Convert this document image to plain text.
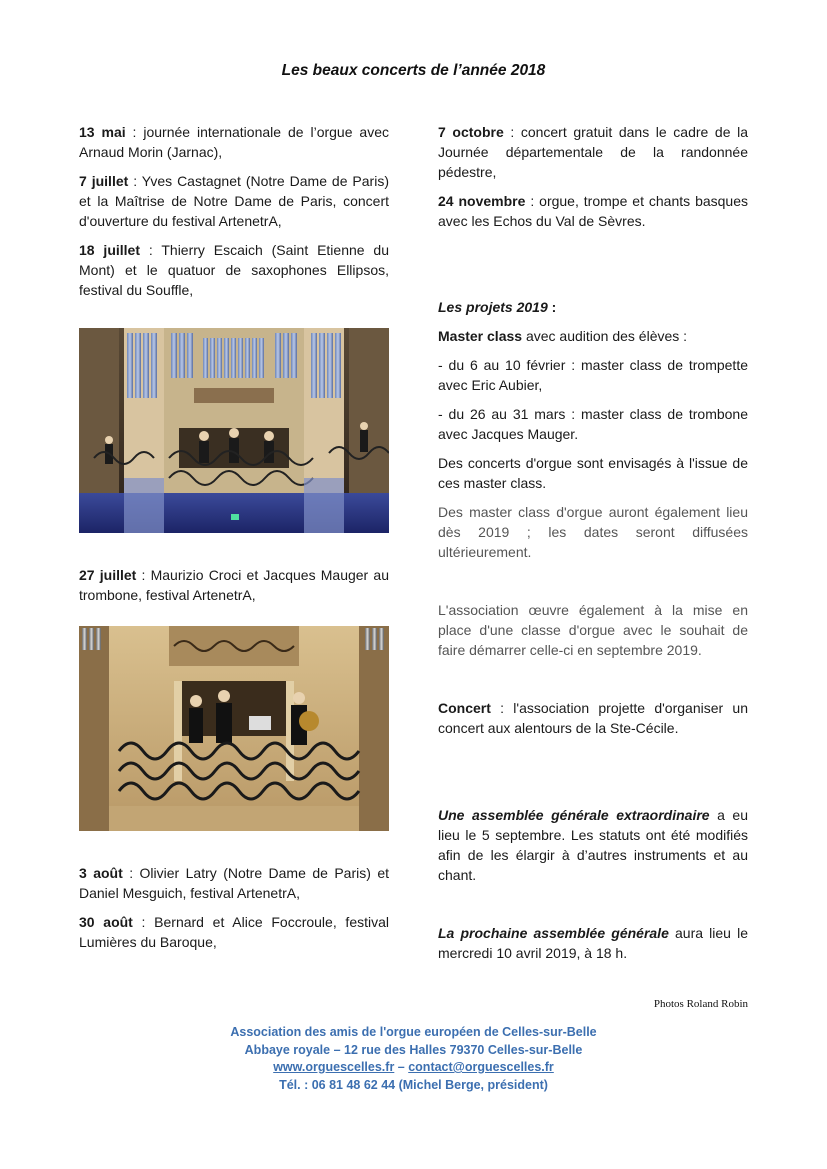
Les beaux concerts de l’année 2018

13 mai : journée internationale de l’orgue avec Arnaud Morin (Jarnac),

7 juillet : Yves Castagnet (Notre Dame de Paris) et la Maîtrise de Notre Dame de Paris, concert d'ouverture du festival ArtenetrA,

18 juillet : Thierry Escaich (Saint Etienne du Mont) et le quatuor de saxophones Ellipsos, festival du Souffle,

27 juillet : Maurizio Croci et Jacques Mauger au trombone, festival ArtenetrA,

3 août : Olivier Latry (Notre Dame de Paris) et Daniel Mesguich, festival ArtenetrA,

30 août : Bernard et Alice Foccroule, festival Lumières du Baroque,

7 octobre : concert gratuit dans le cadre de la Journée départementale de la randonnée pédestre,

24 novembre : orgue, trompe et chants basques avec les Echos du Val de Sèvres.

Les projets 2019 :

Master class avec audition des élèves :

- du 6 au 10 février : master class de trompette avec Eric Aubier,

- du 26 au 31 mars : master class de trombone avec Jacques Mauger.

Des concerts d'orgue sont envisagés à l'issue de ces master class.

Des master class d'orgue auront également lieu dès 2019 ; les dates seront diffusées ultérieurement.

L'association œuvre également à la mise en place d'une classe d'orgue avec le souhait de faire démarrer celle-ci en septembre 2019.

Concert : l'association projette d'organiser un concert aux alentours de la Ste-Cécile.

Une assemblée générale extraordinaire a eu lieu le 5 septembre. Les statuts ont été modifiés afin de les élargir à d’autres instruments et au chant.

La prochaine assemblée générale aura lieu le mercredi 10 avril 2019, à 18 h.

Photos Roland Robin
Association des amis de l'orgue européen de Celles-sur-Belle
Abbaye royale – 12 rue des Halles 79370 Celles-sur-Belle
www.orguescelles.fr – contact@orguescelles.fr
Tél. : 06 81 48 62 44 (Michel Berge, président)
